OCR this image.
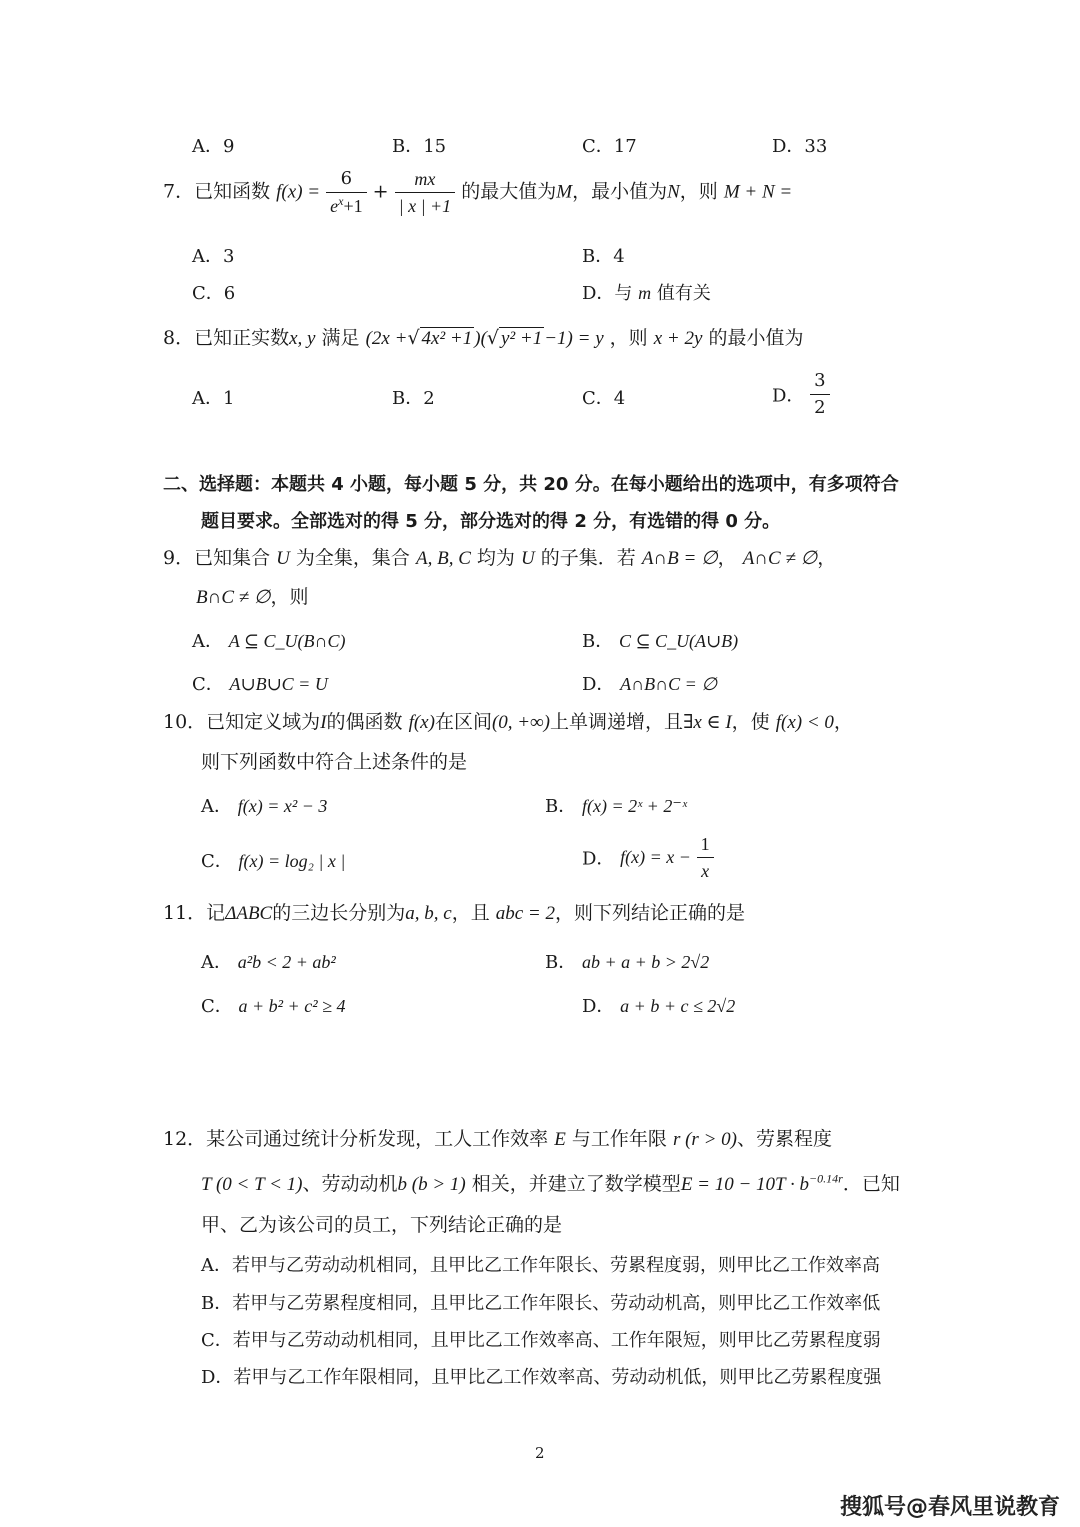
A．9	B．15	C．17	D．33
7．已知函数 $f(x) = \frac{6}{e^x+1} + \frac{mx}{| x | +1}$ 的最大值为M，最小值为N，则 M + N =
A．3	B．4
C．6	D．与 m 值有关
8．已知正实数x, y 满足 (2x +√ 4x² +1 )(√ y² +1 −1) = y ，则 x + 2y 的最小值为
A．1	B．2	C．4	D． $\frac{3}{2}$
二、选择题：本题共 4 小题，每小题 5 分，共 20 分。在每小题给出的选项中，有多项符合
题目要求。全部选对的得 5 分，部分选对的得 2 分，有选错的得 0 分。
9．已知集合 U 为全集，集合 A, B, C 均为 U 的子集．若 A∩B = ∅， A∩C ≠ ∅，
B∩C ≠ ∅，则
A． A ⊆ C_U(B∩C)	B． C ⊆ C_U(A∪B)
C． A∪B∪C = U	D． A∩B∩C = ∅
10．已知定义域为I的偶函数 f(x)在区间(0, +∞)上单调递增，且∃x ∈ I，使 f(x) < 0，
则下列函数中符合上述条件的是
A． f(x) = x² − 3	B． f(x) = 2ˣ + 2⁻ˣ
C． f(x) = log₂ | x |	D． $f(x) = x - \frac{1}{x}$
11．记ΔABC的三边长分别为a, b, c，且 abc = 2，则下列结论正确的是
A． a²b < 2 + ab²	B． ab + a + b > 2√2
C． a + b² + c² ≥ 4	D． a + b + c ≤ 2√2
12．某公司通过统计分析发现，工人工作效率 E 与工作年限 r (r > 0)、劳累程度
T (0 < T < 1)、劳动动机b (b > 1) 相关，并建立了数学模型$E = 10 - 10T \cdot b^{-0.14r}$．已知
甲、乙为该公司的员工，下列结论正确的是
A．若甲与乙劳动动机相同，且甲比乙工作年限长、劳累程度弱，则甲比乙工作效率高
B．若甲与乙劳累程度相同，且甲比乙工作年限长、劳动动机高，则甲比乙工作效率低
C．若甲与乙劳动动机相同，且甲比乙工作效率高、工作年限短，则甲比乙劳累程度弱
D．若甲与乙工作年限相同，且甲比乙工作效率高、劳动动机低，则甲比乙劳累程度强
2
搜狐号@春风里说教育
